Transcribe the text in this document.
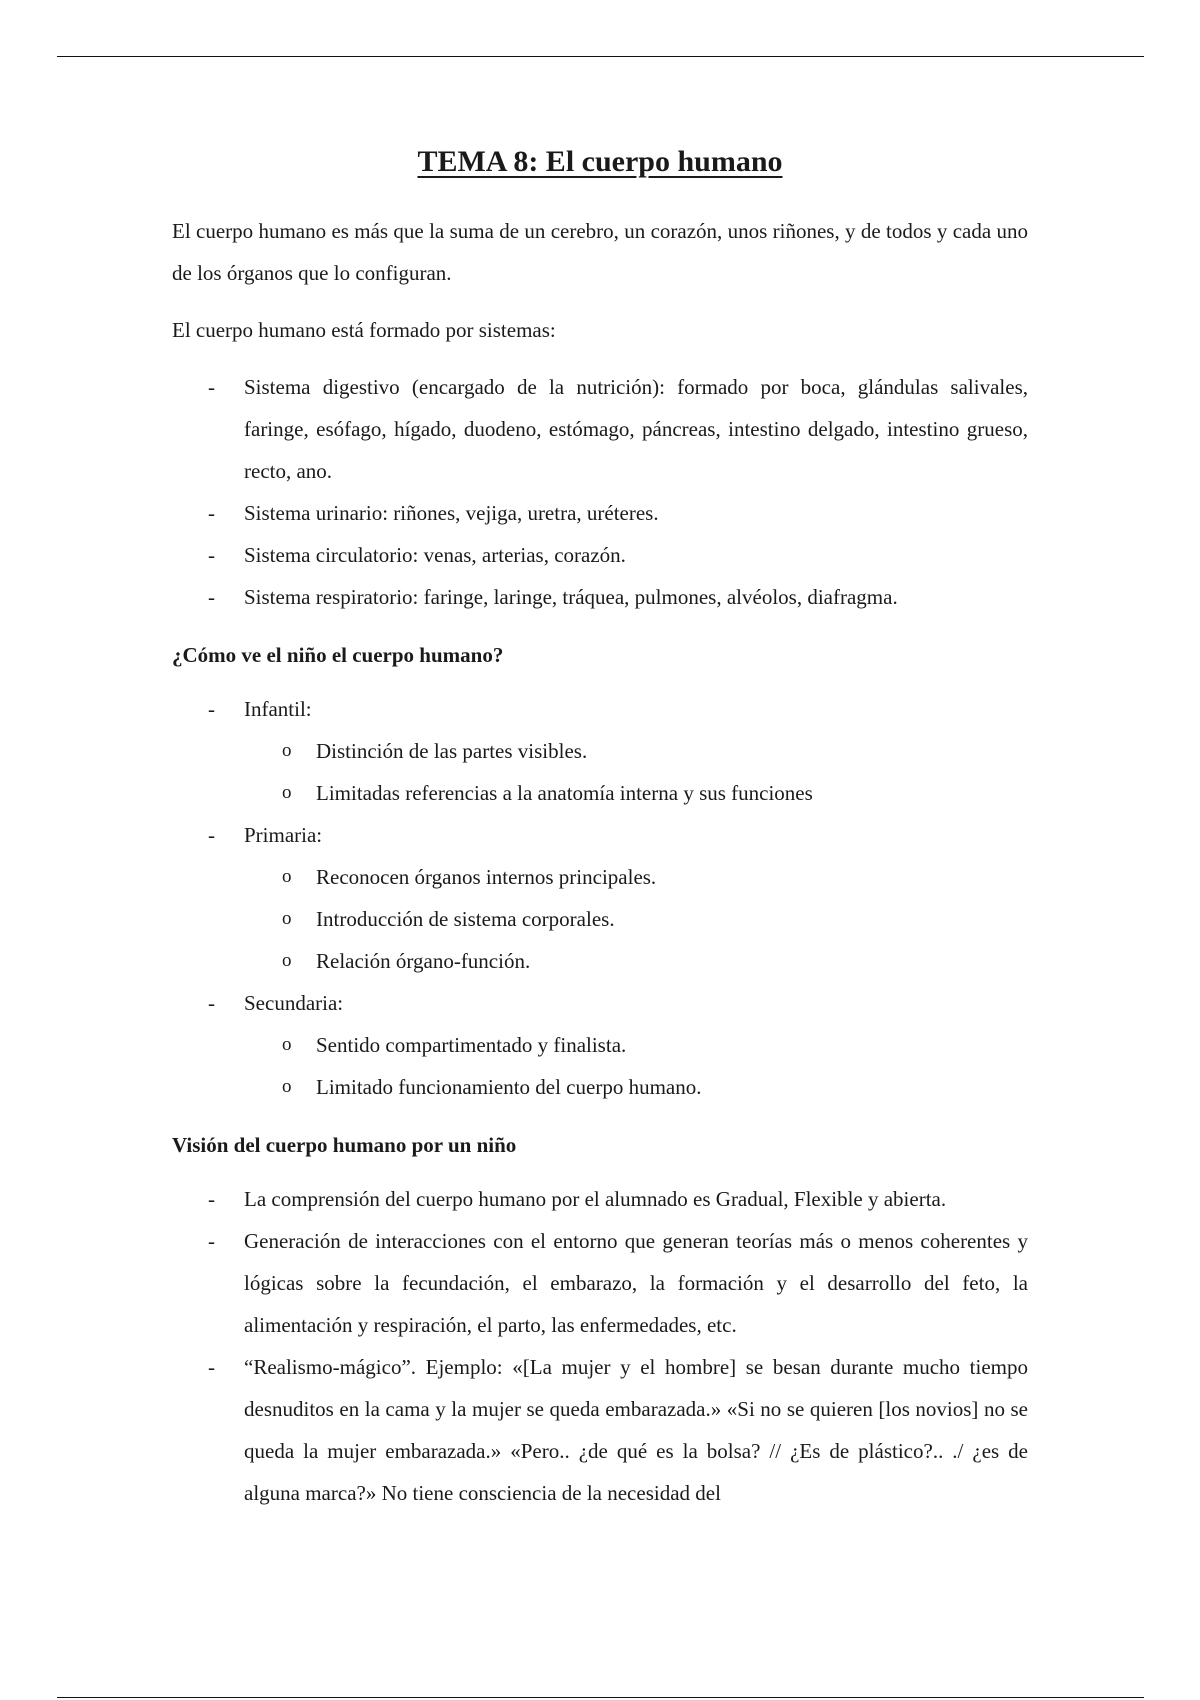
TEMA 8: El cuerpo humano

El cuerpo humano es más que la suma de un cerebro, un corazón, unos riñones, y de todos y cada uno de los órganos que lo configuran.

El cuerpo humano está formado por sistemas:

- Sistema digestivo (encargado de la nutrición): formado por boca, glándulas salivales, faringe, esófago, hígado, duodeno, estómago, páncreas, intestino delgado, intestino grueso, recto, ano.
- Sistema urinario: riñones, vejiga, uretra, uréteres.
- Sistema circulatorio: venas, arterias, corazón.
- Sistema respiratorio: faringe, laringe, tráquea, pulmones, alvéolos, diafragma.
¿Cómo ve el niño el cuerpo humano?
- Infantil:
o Distinción de las partes visibles.
o Limitadas referencias a la anatomía interna y sus funciones
- Primaria:
o Reconocen órganos internos principales.
o Introducción de sistema corporales.
o Relación órgano-función.
- Secundaria:
o Sentido compartimentado y finalista.
o Limitado funcionamiento del cuerpo humano.
Visión del cuerpo humano por un niño
- La comprensión del cuerpo humano por el alumnado es Gradual, Flexible y abierta.
- Generación de interacciones con el entorno que generan teorías más o menos coherentes y lógicas sobre la fecundación, el embarazo, la formación y el desarrollo del feto, la alimentación y respiración, el parto, las enfermedades, etc.
- “Realismo-mágico”. Ejemplo: «[La mujer y el hombre] se besan durante mucho tiempo desnuditos en la cama y la mujer se queda embarazada.» «Si no se quieren [los novios] no se queda la mujer embarazada.» «Pero.. ¿de qué es la bolsa? // ¿Es de plástico?.. ./ ¿es de alguna marca?» No tiene consciencia de la necesidad del
